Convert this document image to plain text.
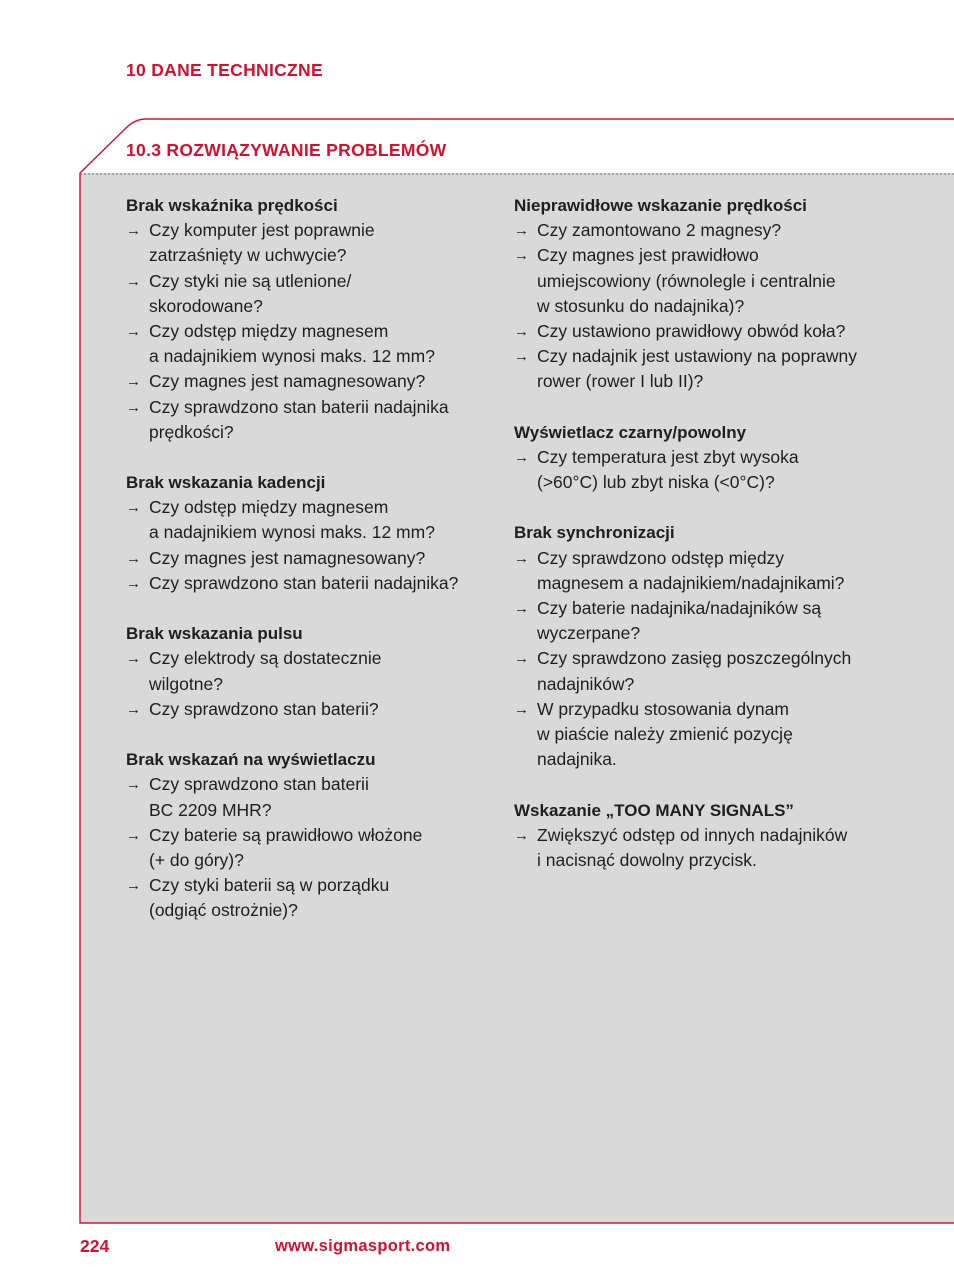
10 DANE TECHNICZNE
10.3 ROZWIĄZYWANIE PROBLEMÓW
Brak wskaźnika prędkości
→ Czy komputer jest poprawnie
zatrzaśnięty w uchwycie?
→ Czy styki nie są utlenione/
skorodowane?
→ Czy odstęp między magnesem
a nadajnikiem wynosi maks. 12 mm?
→ Czy magnes jest namagnesowany?
→ Czy sprawdzono stan baterii nadajnika
prędkości?
Brak wskazania kadencji
→ Czy odstęp między magnesem
a nadajnikiem wynosi maks. 12 mm?
→ Czy magnes jest namagnesowany?
→ Czy sprawdzono stan baterii nadajnika?
Brak wskazania pulsu
→ Czy elektrody są dostatecznie
wilgotne?
→ Czy sprawdzono stan baterii?
Brak wskazań na wyświetlaczu
→ Czy sprawdzono stan baterii
BC 2209 MHR?
→ Czy baterie są prawidłowo włożone
(+ do góry)?
→ Czy styki baterii są w porządku
(odgiąć ostrożnie)?
Nieprawidłowe wskazanie prędkości
→ Czy zamontowano 2 magnesy?
→ Czy magnes jest prawidłowo
umiejscowiony (równolegle i centralnie
w stosunku do nadajnika)?
→ Czy ustawiono prawidłowy obwód koła?
→ Czy nadajnik jest ustawiony na poprawny
rower (rower I lub II)?
Wyświetlacz czarny/powolny
→ Czy temperatura jest zbyt wysoka
(>60°C) lub zbyt niska (<0°C)?
Brak synchronizacji
→ Czy sprawdzono odstęp między
magnesem a nadajnikiem/nadajnikami?
→ Czy baterie nadajnika/nadajników są
wyczerpane?
→ Czy sprawdzono zasięg poszczególnych
nadajników?
→ W przypadku stosowania dynam
w piaście należy zmienić pozycję
nadajnika.
Wskazanie „TOO MANY SIGNALS”
→ Zwiększyć odstęp od innych nadajników
i nacisnąć dowolny przycisk.
224	www.sigmasport.com
